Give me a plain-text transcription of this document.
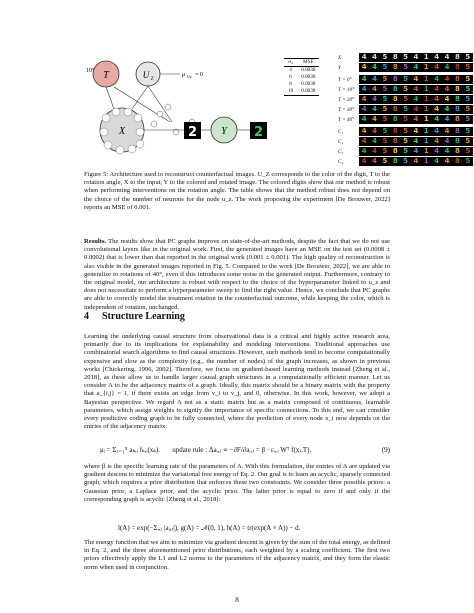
T	U Z
10°
μ Uz = 0
X	2 Y 2
σ₂	MSE
4	0.0038
6	0.0038
8	0.0038
10	0.0038
X	4 4 5 8 5 4 1 4 4 8 5
Y	4 4 5 8 5 4 1 4 4 8 5
T = 0°	4 4 5 8 5 4 1 4 4 8 5
T = 10°	4 4 5 8 5 4 1 4 4 8 5
T = 20°	4 4 5 8 5 4 1 4 4 8 5
T = 30°	4 4 5 8 5 4 1 4 4 8 5
T = 40°	4 4 5 8 5 4 1 4 4 8 5
C₁	4 4 5 8 5 4 1 4 4 8 5
C₂	4 4 5 8 5 4 1 4 4 8 5
C₃	4 4 5 8 5 4 1 4 4 8 5
C₄	4 4 5 8 5 4 1 4 4 8 5
Figure 5: Architecture used to reconstruct counterfactual images. U_Z corresponds to the color of the digit, T to the rotation angle, X to the input, Y to the colored and rotated image. The colored digits show that our method is robust when performing interventions on the rotation angle. The table shows that the method robust does not depend on the choice of the number of neurons for the node u_z. The work proposing the experiment [De Brouwer, 2022] reports an MSE of 0.001.
Results. The results show that PC graphs improve on state-of-the-art methods, despite the fact that we do not use convolutional layers like in the original work. First, the generated images have an MSE on the test set (0.0008 ± 0.0002) that is lower than that reported in the original work (0.001 ± 0.001). The high quality of reconstruction is also visible in the generated images reported in Fig. 5. Compared to the work [De Brouwer, 2022], we are able to generalize to rotations of 40°, even if this introduces some noise in the generated output. Furthermore, contrary to the original model, our architecture is robust with respect to the choice of the hyperparameter linked to u_z and does not necessitate to perform a hyperparameter sweep to find the right value. Hence, we conclude that PC graphs are able to correctly model the treatment rotation in the counterfactual outcome, while keeping the color, which is independent of rotation, unchanged.
4 Structure Learning
Learning the underlying causal structure from observational data is a critical and highly active research area, primarily due to its implications for explainability and modeling interventions. Traditional approaches use combinatorial search algorithms to find causal structures. However, such methods tend to become computationally expensive and slow as the complexity (e.g., the number of nodes) of the graph increases, as shown in previous works [Chickering, 1996, 2002]. Therefore, we focus on gradient-based learning methods instead [Zheng et al., 2018], as these allow us to handle larger causal graph structures in a computationally efficient manner. Let us consider A to be the adjacency matrix of a graph. Ideally, this matrix should be a binary matrix with the property that a_{i,j} = 1, if there exists an edge from v_i to v_j, and 0, otherwise. In this work, however, we adopt a Bayesian perspective. We regard A not as a static matrix but as a matrix composed of continuous, learnable parameters, which assign weights to signify the importance of specific connections. To this end, we can consider every predictive coding graph to be fully connected, where the prediction of every node x_i now depends on the entries of the adjacency matrix:
μᵢ = Σⱼ₌₁ᴺ aₖ,ᵢ fₖ,ᵢ(xₖ). update rule : Δaᵢ,ⱼ ∝ −∂F/∂aᵢ,ⱼ = β · εᵢ,ⱼ Wᵀ f(xⱼ,T).	(9)
where β is the specific learning rate of the parameters of A. With this formulation, the entries of A are updated via gradient descent to minimize the variational free energy of Eq. 2. Our goal is to learn an acyclic, sparsely connected graph, which requires a prior distribution that enforces these two constraints. We consider three possible priors: a Gaussian prior, a Laplace prior, and the acyclic prior. The latter prior is equal to zero if and only if the corresponding graph is acyclic [Zheng et al., 2018]:
l(A) = exp(−Σᵢ,ⱼ |aᵢ,ⱼ|), g(A) = 𝒩(0, 1), h(A) = tr(exp(A × A)) − d.
The energy function that we aim to minimize via gradient descent is given by the sum of the total energy, as defined in Eq. 2, and the three aforementioned prior distributions, each weighted by a scaling coefficient. The first two priors effectively apply the L1 and L2 norms to the parameters of the adjacency matrix, and they form the elastic norm when used in conjunction.
8
